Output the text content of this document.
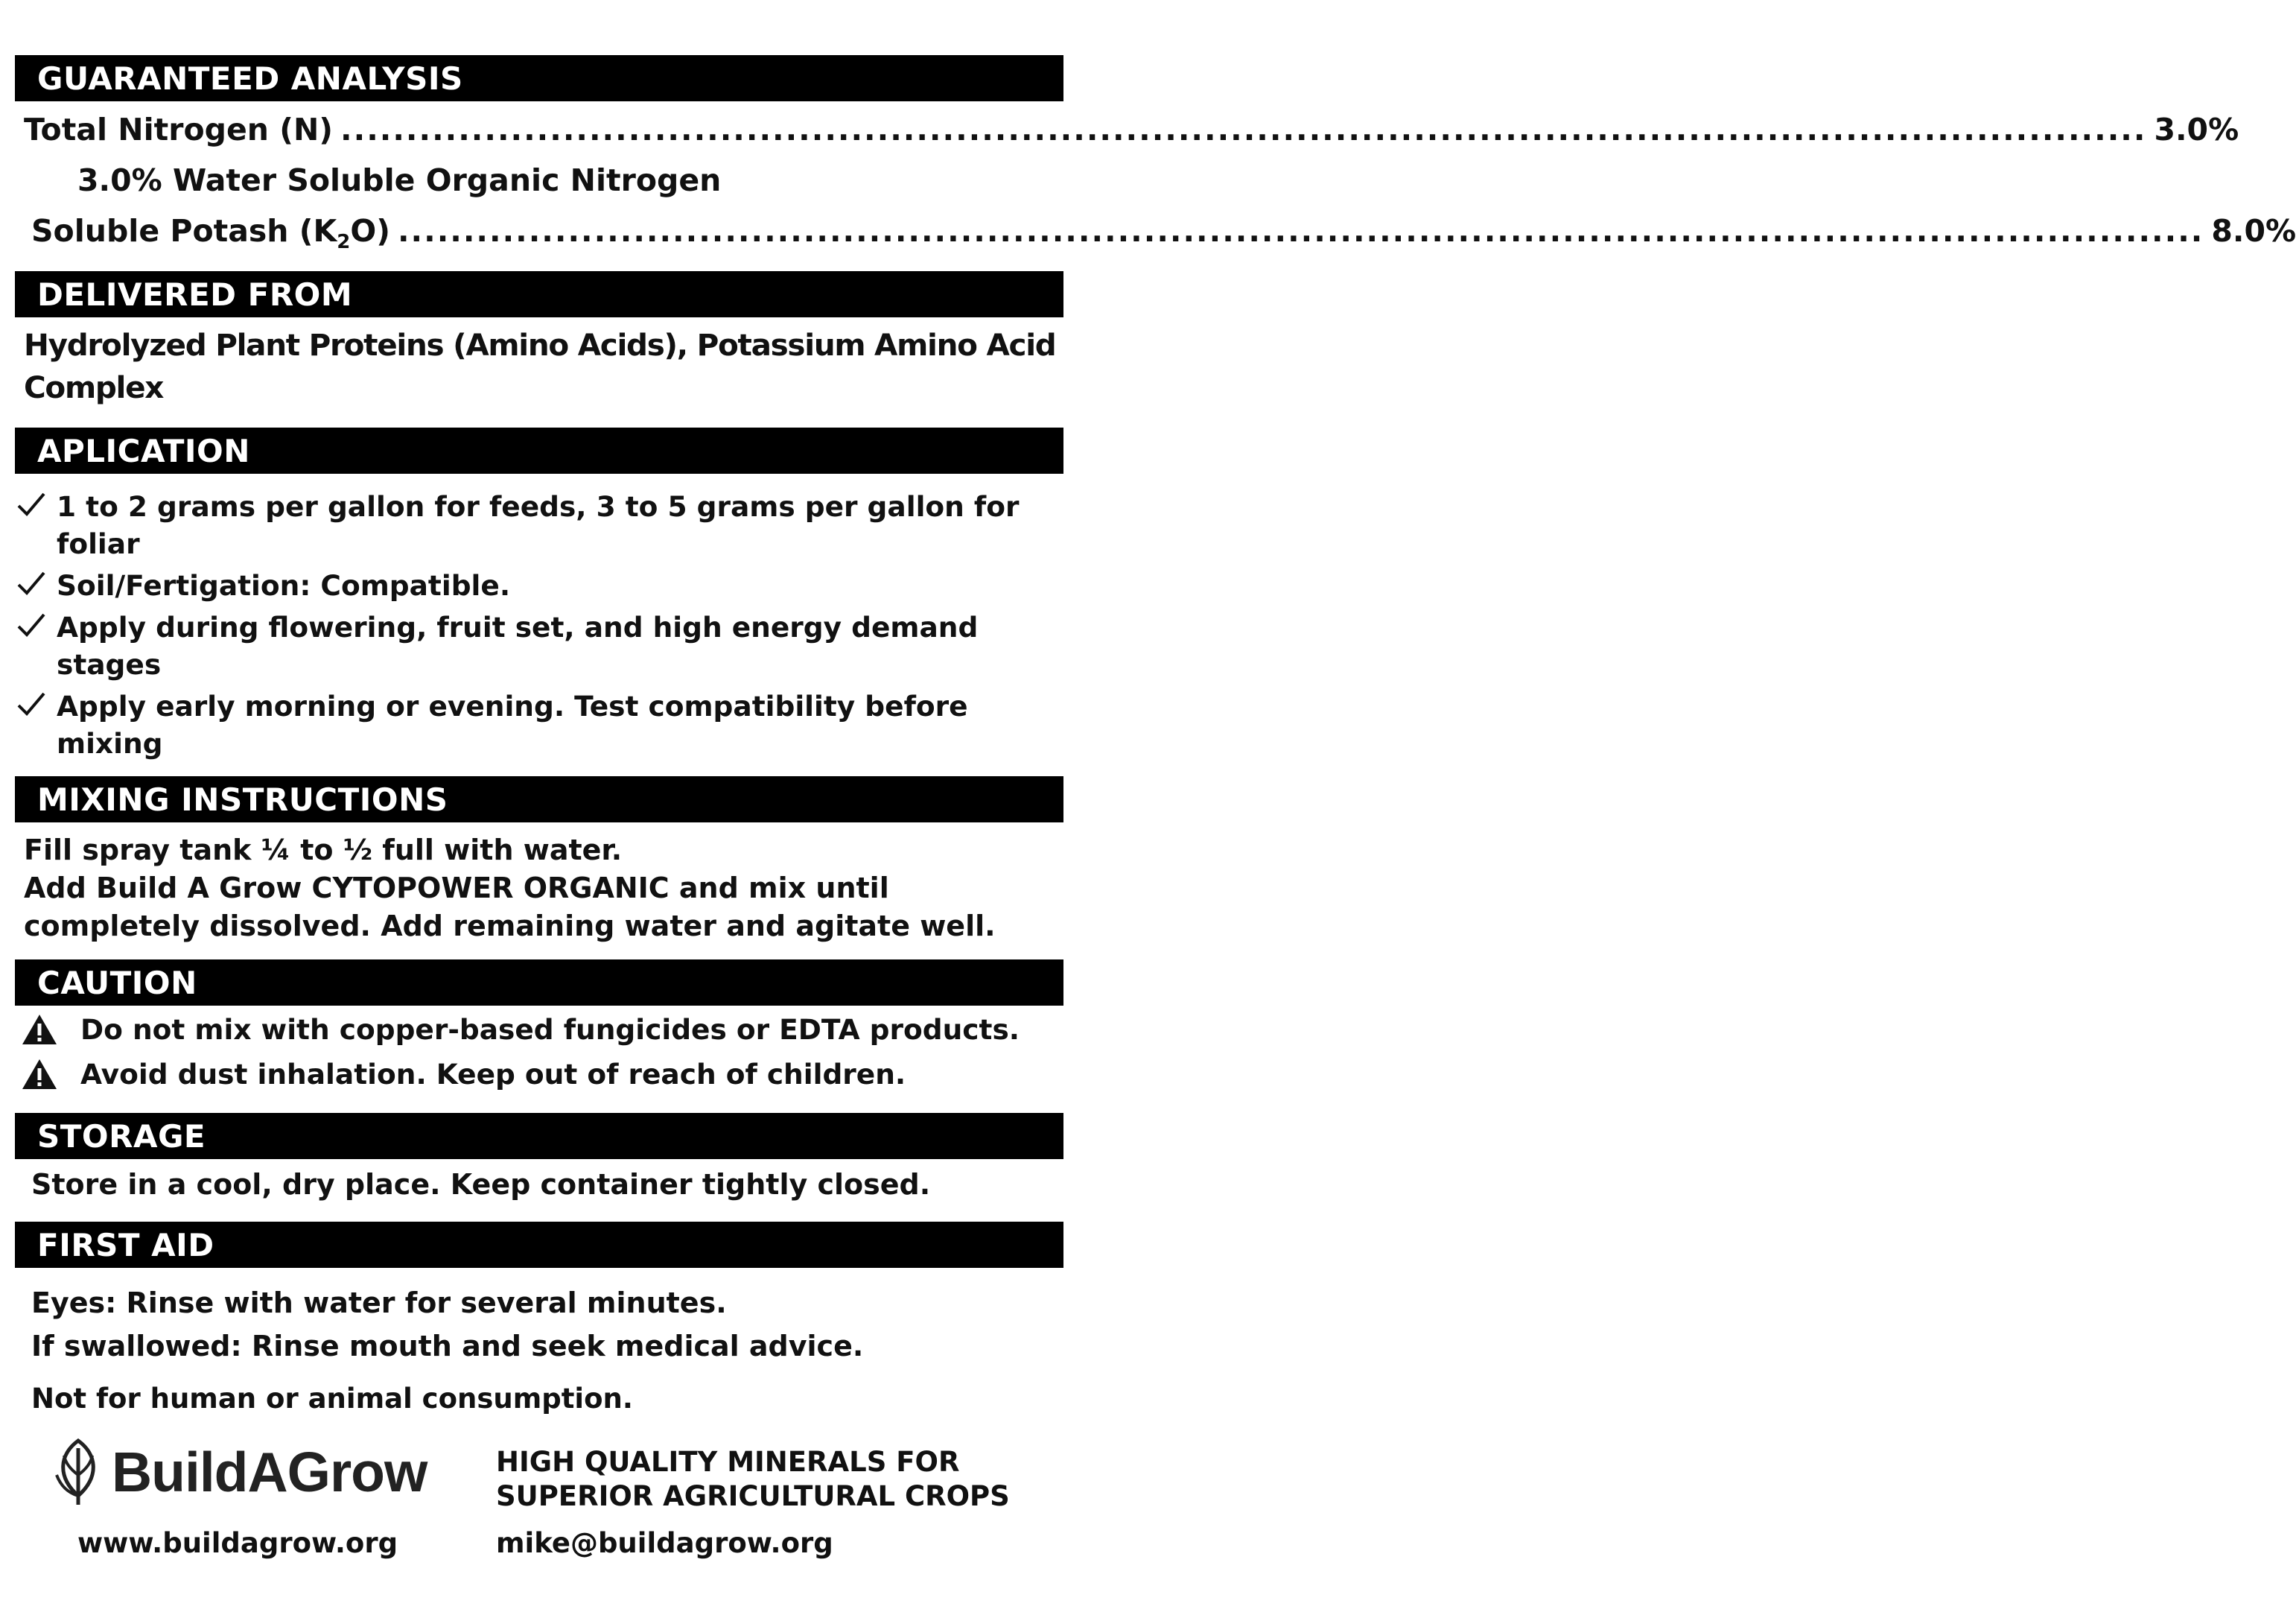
GUARANTEED ANALYSIS
Total Nitrogen (N) .......................................................................................................................................... 3.0%
3.0% Water Soluble Organic Nitrogen
Soluble Potash $(K_2O)$ .......................................................................................................................................... 8.0%
DELIVERED FROM
Hydrolyzed Plant Proteins (Amino Acids), Potassium Amino Acid Complex
APLICATION
1 to 2 grams per gallon for feeds, 3 to 5 grams per gallon for foliar
Soil/Fertigation: Compatible.
Apply during flowering, fruit set, and high energy demand stages
Apply early morning or evening. Test compatibility before mixing
MIXING INSTRUCTIONS
Fill spray tank ¼ to ½ full with water.
Add Build A Grow CYTOPOWER ORGANIC and mix until
completely dissolved. Add remaining water and agitate well.
CAUTION
Do not mix with copper-based fungicides or EDTA products.
Avoid dust inhalation. Keep out of reach of children.
STORAGE
Store in a cool, dry place. Keep container tightly closed.
FIRST AID
Eyes: Rinse with water for several minutes.
If swallowed: Rinse mouth and seek medical advice.
Not for human or animal consumption.
BuildAGrow
www.buildagrow.org
HIGH QUALITY MINERALS FOR
SUPERIOR AGRICULTURAL CROPS
mike@buildagrow.org
